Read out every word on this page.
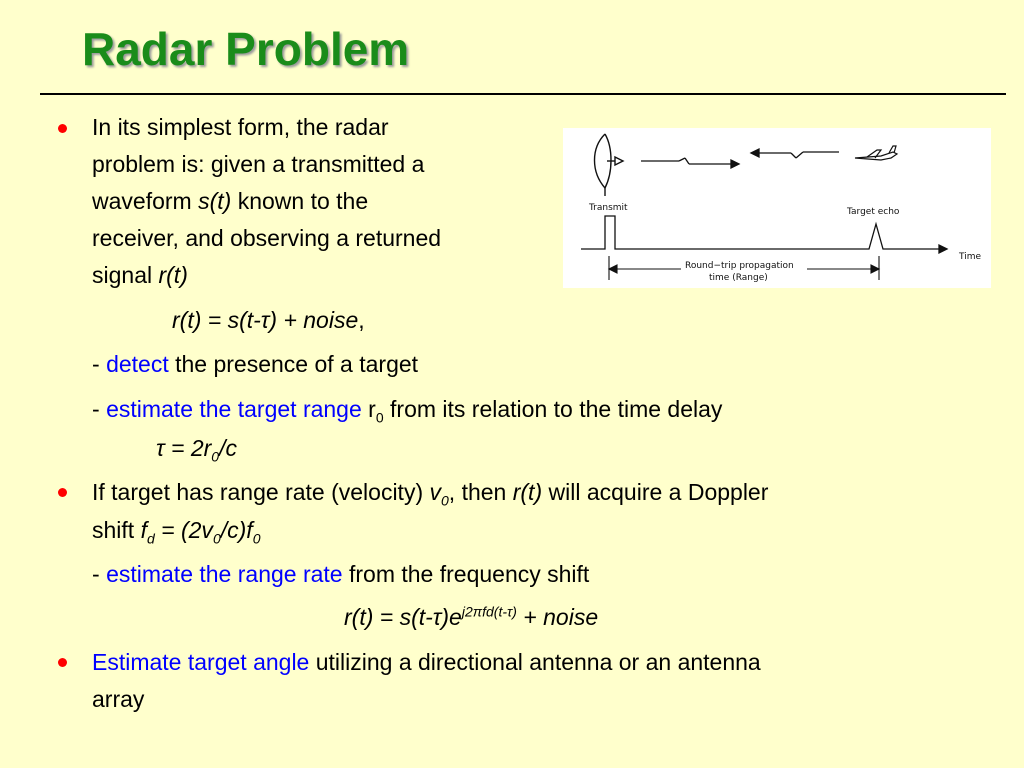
Radar Problem
In its simplest form, the radar
problem is: given a transmitted a
waveform s(t) known to the
receiver, and observing a returned
signal r(t)
r(t) = s(t-τ) + noise,
- detect the presence of a target
- estimate the target range $r_0$ from its relation to the time delay
$\tau = 2r_0/c$
If target has range rate (velocity) $v_0$, then r(t) will acquire a Doppler
shift $f_d = (2v_0/c)f_0$
- estimate the range rate from the frequency shift
$r(t) = s(t-\tau)e^{j2\pi fd(t-\tau)}$ + noise
Estimate target angle utilizing a directional antenna or an antenna
array
Transmit	Target echo
Time
Round−trip propagation
time (Range)
